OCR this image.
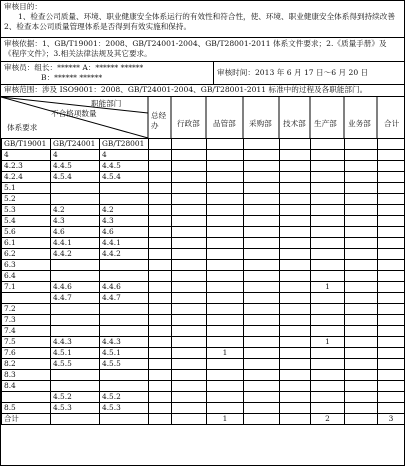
审核目的：
1、检查公司质量、环境、职业健康安全体系运行的有效性和符合性，使、环境、职业健康安全体系得到持续改善2、检查本公司质量管理体系是否得到有效实施和保持。
审核依据：1、GB/T19001：2008、GB/T24001-2004、GB/T28001-2011 体系文件要求；2.《质量手册》及《程序文件》；3.相关法律法规及其它要求。
审核员：组长：****** A：****** ******
B：****** ******
审核时间：2013 年 6 月 17 日～6 月 20 日
审核范围：涉及 ISO9001：2008、GB/T24001-2004、GB/T28001-2011 标准中的过程及各职能部门。
职能部门
不合格项数量
体系要求
总经办	行政部 品管部 采购部 技术部 生产部 业务部 合计
GB/T19001	GB/T24001	GB/T28001								
4	4	4								
4.2.3	4.4.5	4.4.5								
4.2.4	4.5.4	4.5.4								
5.1										
5.2										
5.3	4.2	4.2								
5.4	4.3	4.3								
5.6	4.6	4.6								
6.1	4.4.1	4.4.1								
6.2	4.4.2	4.4.2								
6.3										
6.4										
7.1	4.4.6	4.4.6						1		
	4.4.7	4.4.7								
7.2										
7.3										
7.4										
7.5	4.4.3	4.4.3						1		
7.6	4.5.1	4.5.1			1					
8.2	4.5.5	4.5.5								
8.3										
8.4										
	4.5.2	4.5.2								
8.5	4.5.3	4.5.3								
合计					1			2		3
